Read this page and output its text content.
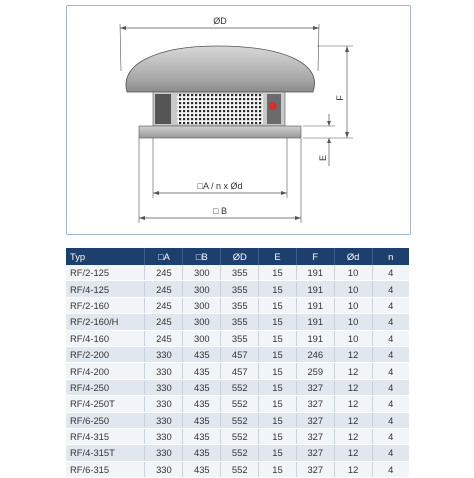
ØD
F
E
□A / n x Ød
□ B
Typ	□A	□B	ØD	E	F	Ød	n
RF/2-125	245	300	355	15	191	10	4
RF/4-125	245	300	355	15	191	10	4
RF/2-160	245	300	355	15	191	10	4
RF/2-160/H	245	300	355	15	191	10	4
RF/4-160	245	300	355	15	191	10	4
RF/2-200	330	435	457	15	246	12	4
RF/4-200	330	435	457	15	259	12	4
RF/4-250	330	435	552	15	327	12	4
RF/4-250T	330	435	552	15	327	12	4
RF/6-250	330	435	552	15	327	12	4
RF/4-315	330	435	552	15	327	12	4
RF/4-315T	330	435	552	15	327	12	4
RF/6-315	330	435	552	15	327	12	4
